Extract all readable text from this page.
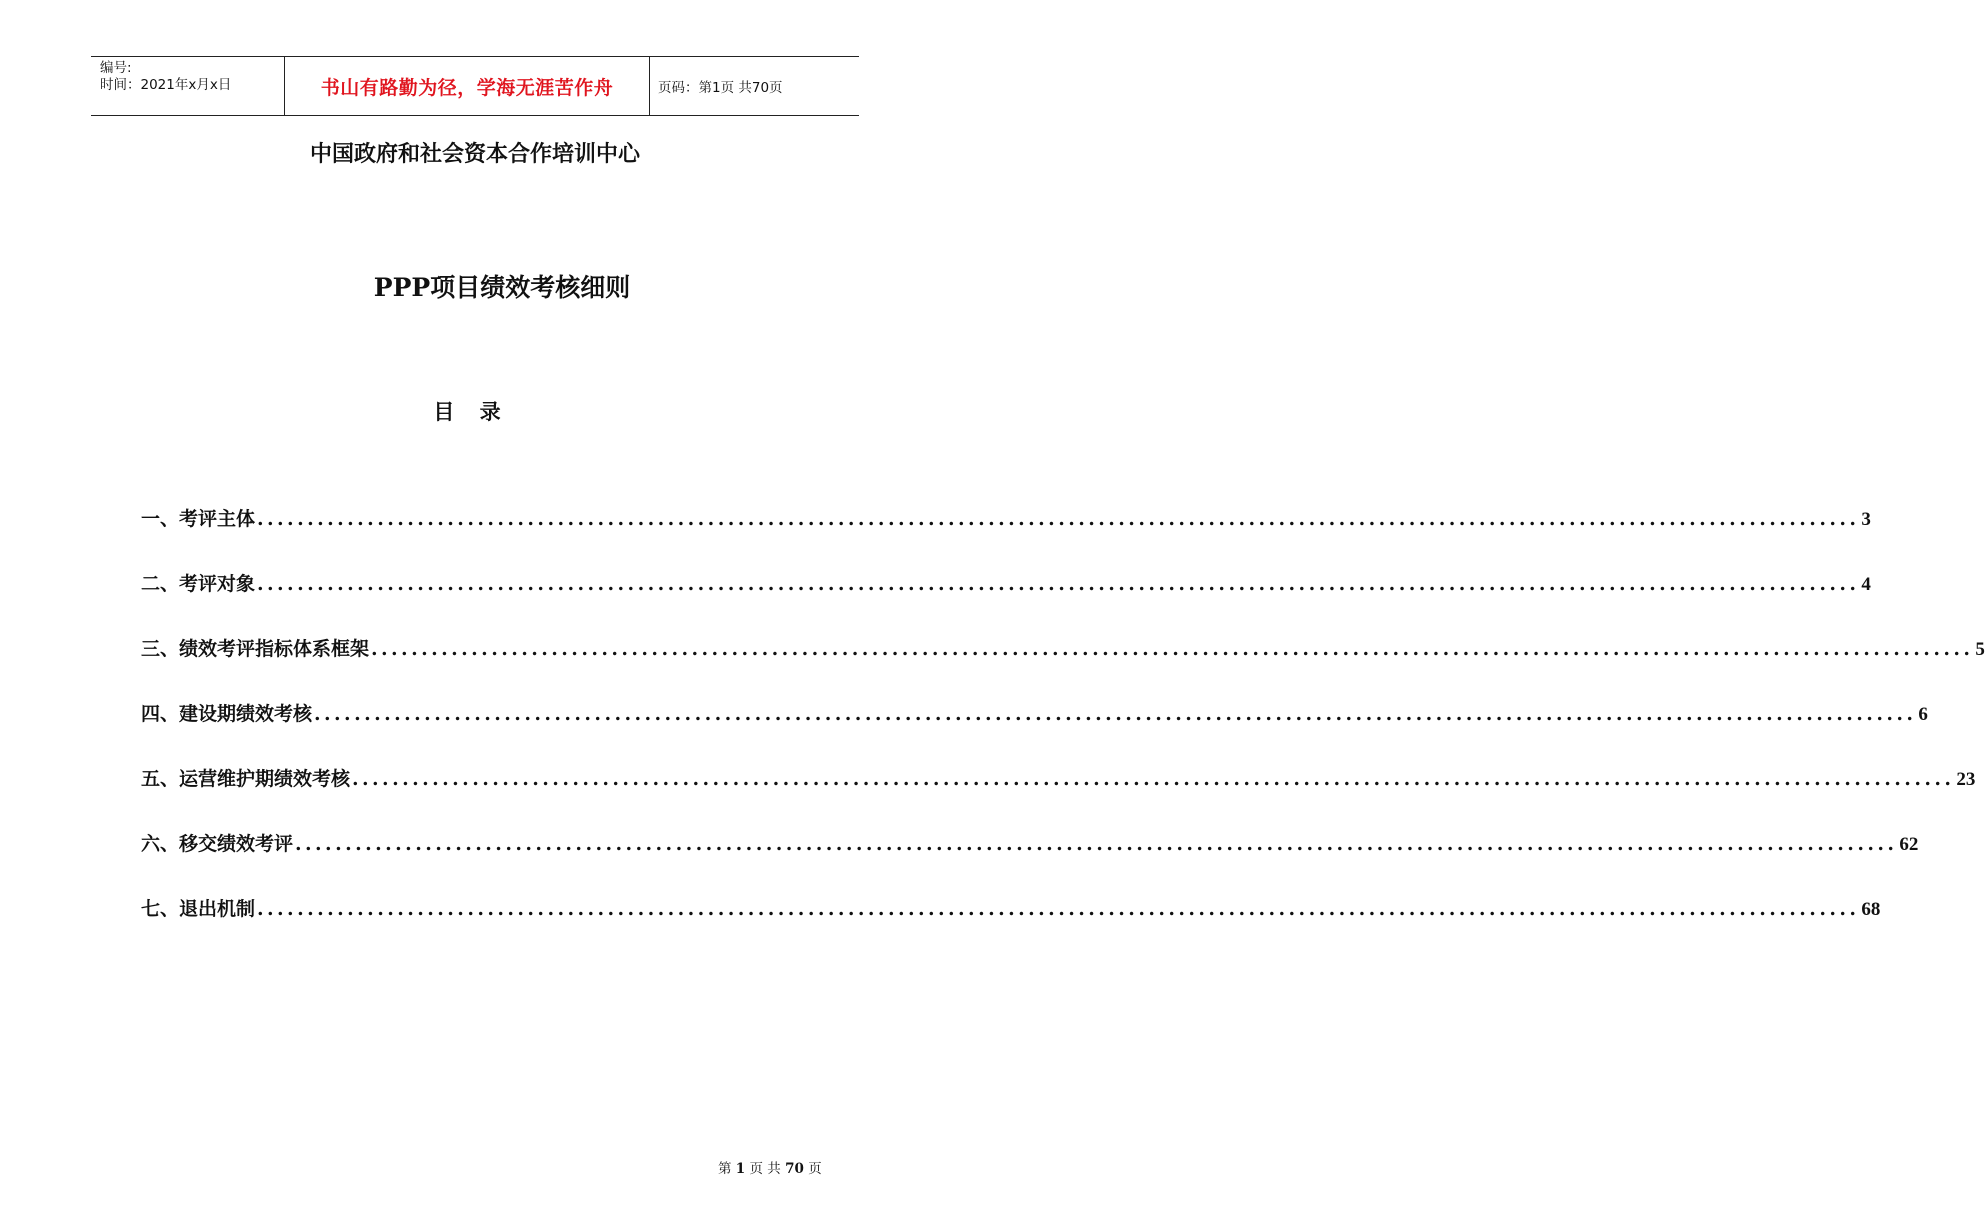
编号:
时间：2021年x月x日	书山有路勤为径，学海无涯苦作舟	页码：第1页 共70页
中国政府和社会资本合作培训中心
PPP项目绩效考核细则
目 录
一、考评主体 ................................................................................................................................................................ 3
二、考评对象 ................................................................................................................................................................ 4
三、绩效考评指标体系框架 ................................................................................................................................................................ 5
四、建设期绩效考核 ................................................................................................................................................................ 6
五、运营维护期绩效考核 ................................................................................................................................................................ 23
六、移交绩效考评 ................................................................................................................................................................ 62
七、退出机制 ................................................................................................................................................................ 68
第 1 页 共 70 页
